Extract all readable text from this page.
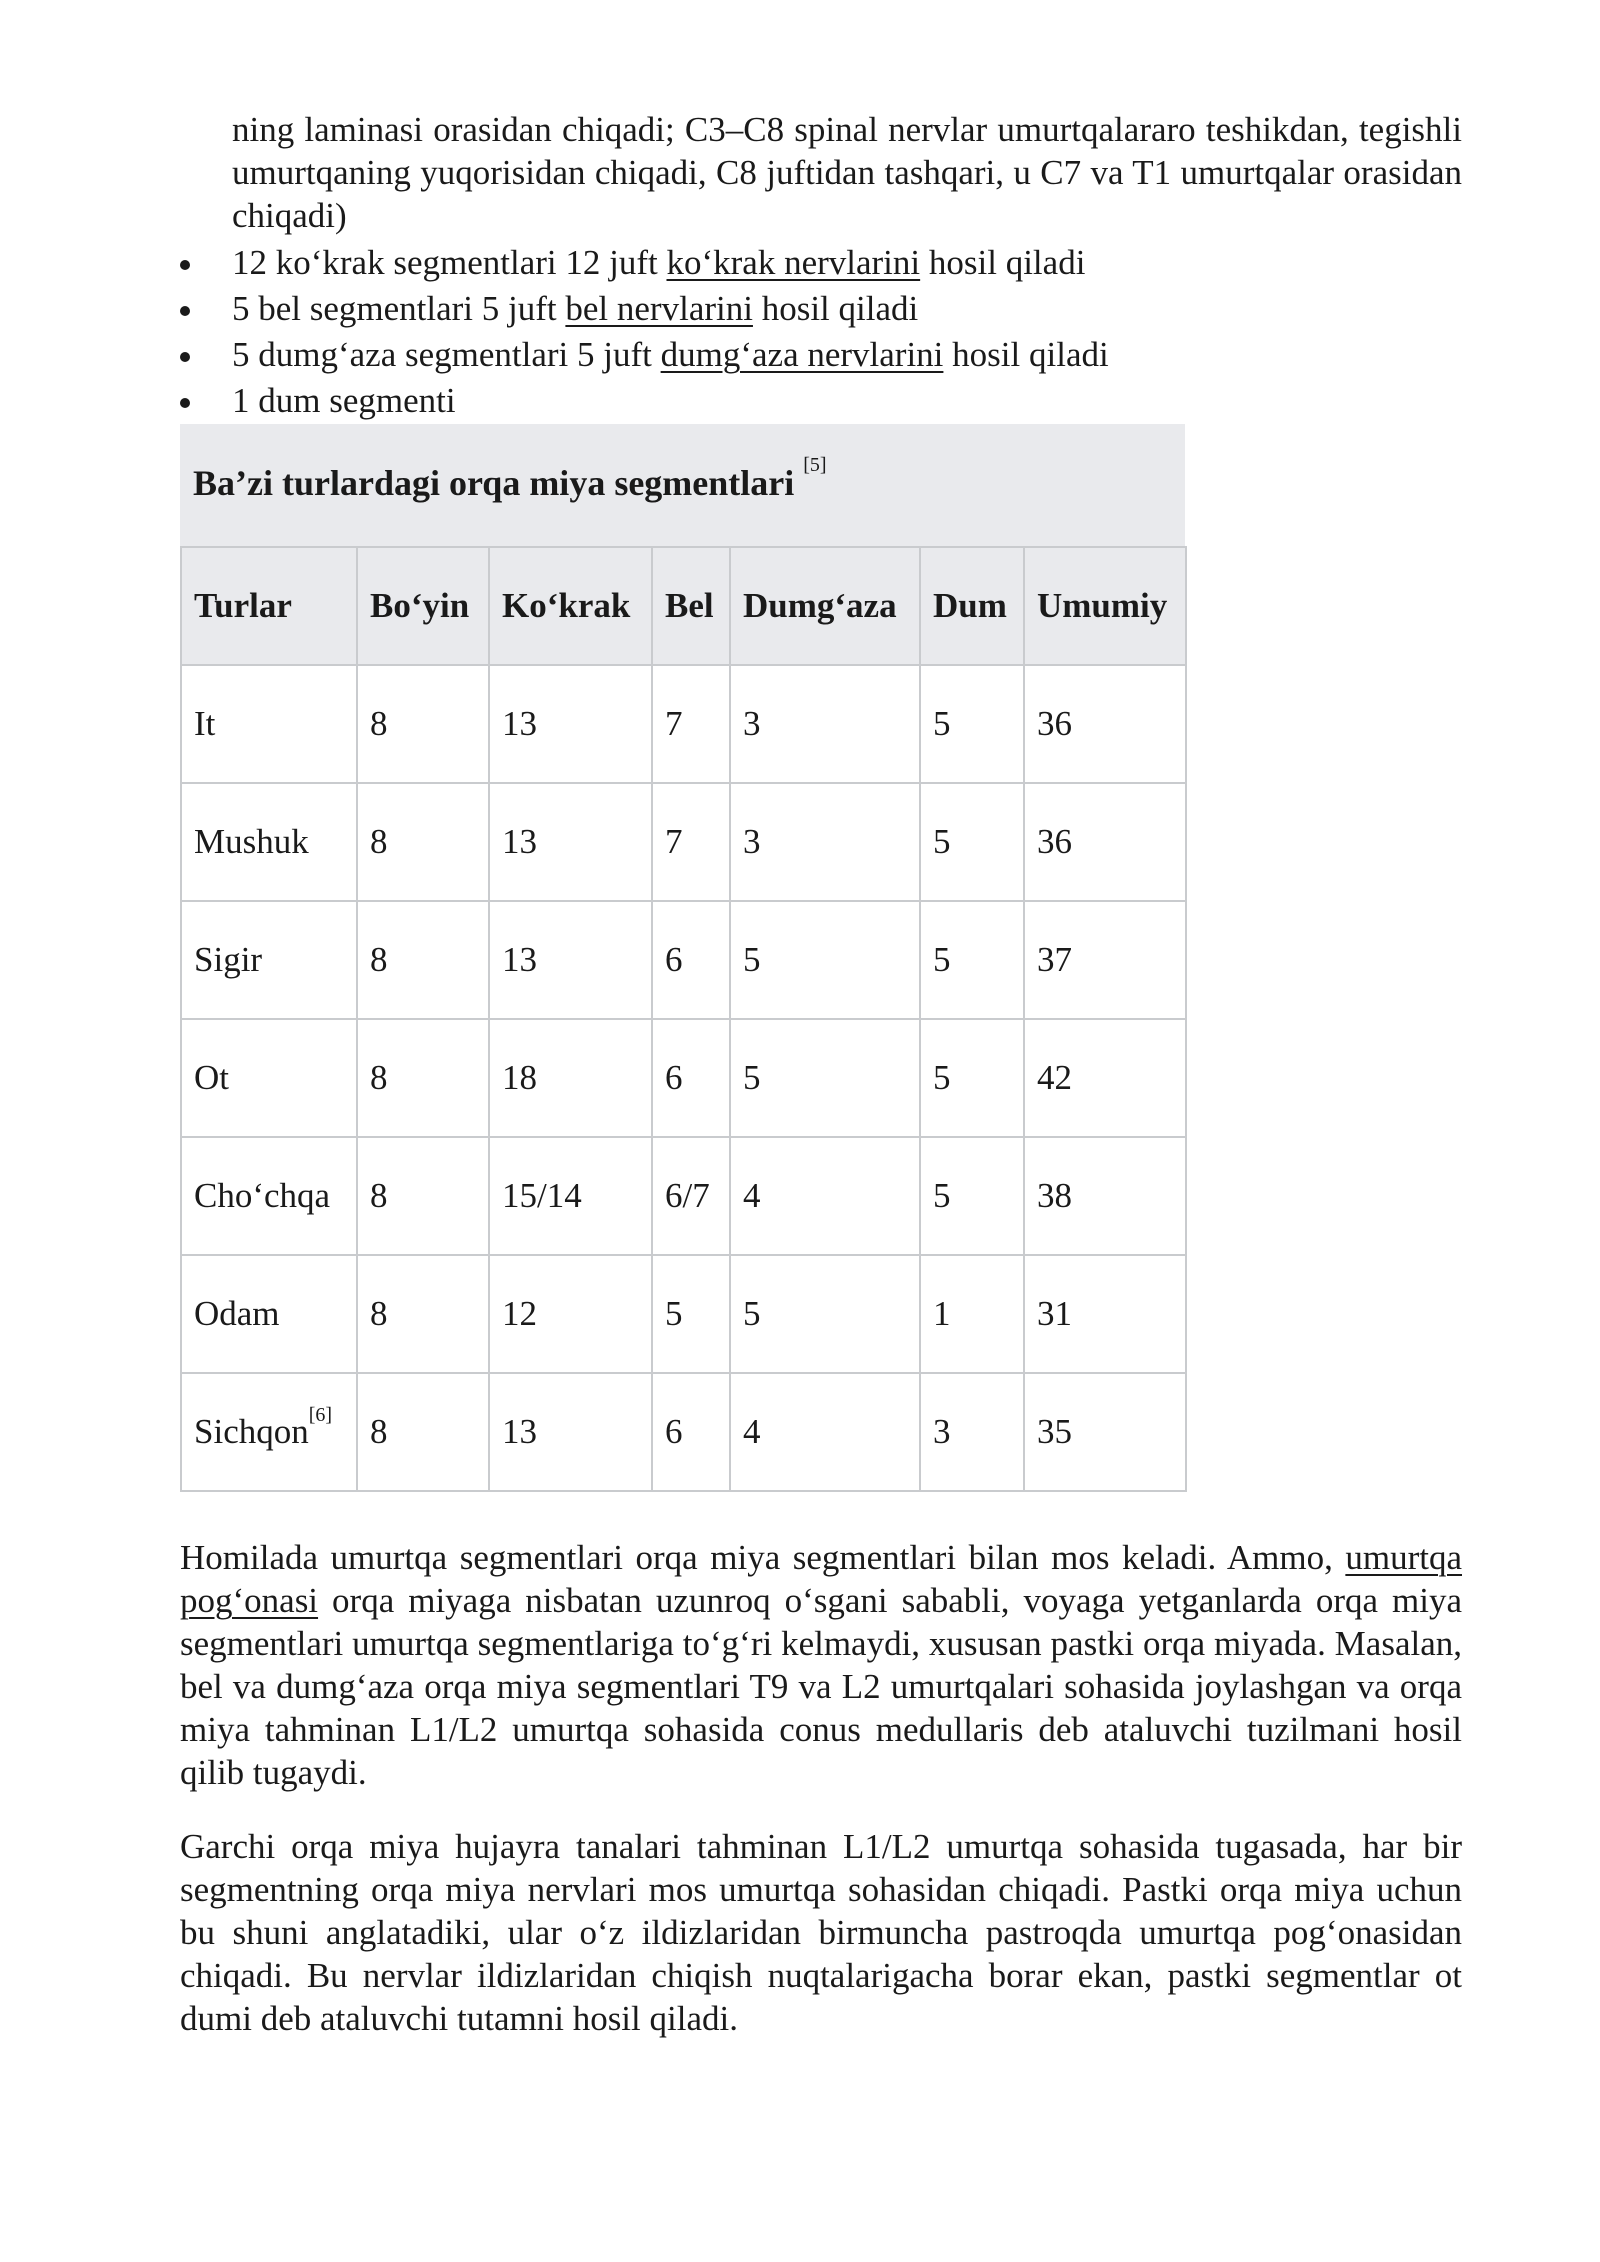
ning laminasi orasidan chiqadi; C3–C8 spinal nervlar umurtqalararo teshikdan, tegishli umurtqaning yuqorisidan chiqadi, C8 juftidan tashqari, u C7 va T1 umurtqalar orasidan chiqadi)

12 ko‘krak segmentlari 12 juft ko‘krak nervlarini hosil qiladi
5 bel segmentlari 5 juft bel nervlarini hosil qiladi
5 dumg‘aza segmentlari 5 juft dumg‘aza nervlarini hosil qiladi
1 dum segmenti
Ba’zi turlardagi orqa miya segmentlari [5]
Turlar	Bo‘yin	Ko‘krak	Bel	Dumg‘aza	Dum	Umumiy
It	8	13	7	3	5	36
Mushuk	8	13	7	3	5	36
Sigir	8	13	6	5	5	37
Ot	8	18	6	5	5	42
Cho‘chqa	8	15/14	6/7	4	5	38
Odam	8	12	5	5	1	31
Sichqon[6]	8	13	6	4	3	35

Homilada umurtqa segmentlari orqa miya segmentlari bilan mos keladi. Ammo, umurtqa pog‘onasi orqa miyaga nisbatan uzunroq o‘sgani sababli, voyaga yetganlarda orqa miya segmentlari umurtqa segmentlariga to‘g‘ri kelmaydi, xususan pastki orqa miyada. Masalan, bel va dumg‘aza orqa miya segmentlari T9 va L2 umurtqalari sohasida joylashgan va orqa miya tahminan L1/L2 umurtqa sohasida conus medullaris deb ataluvchi tuzilmani hosil qilib tugaydi.

Garchi orqa miya hujayra tanalari tahminan L1/L2 umurtqa sohasida tugasada, har bir segmentning orqa miya nervlari mos umurtqa sohasidan chiqadi. Pastki orqa miya uchun bu shuni anglatadiki, ular o‘z ildizlaridan birmuncha pastroqda umurtqa pog‘onasidan chiqadi. Bu nervlar ildizlaridan chiqish nuqtalarigacha borar ekan, pastki segmentlar ot dumi deb ataluvchi tutamni hosil qiladi.
